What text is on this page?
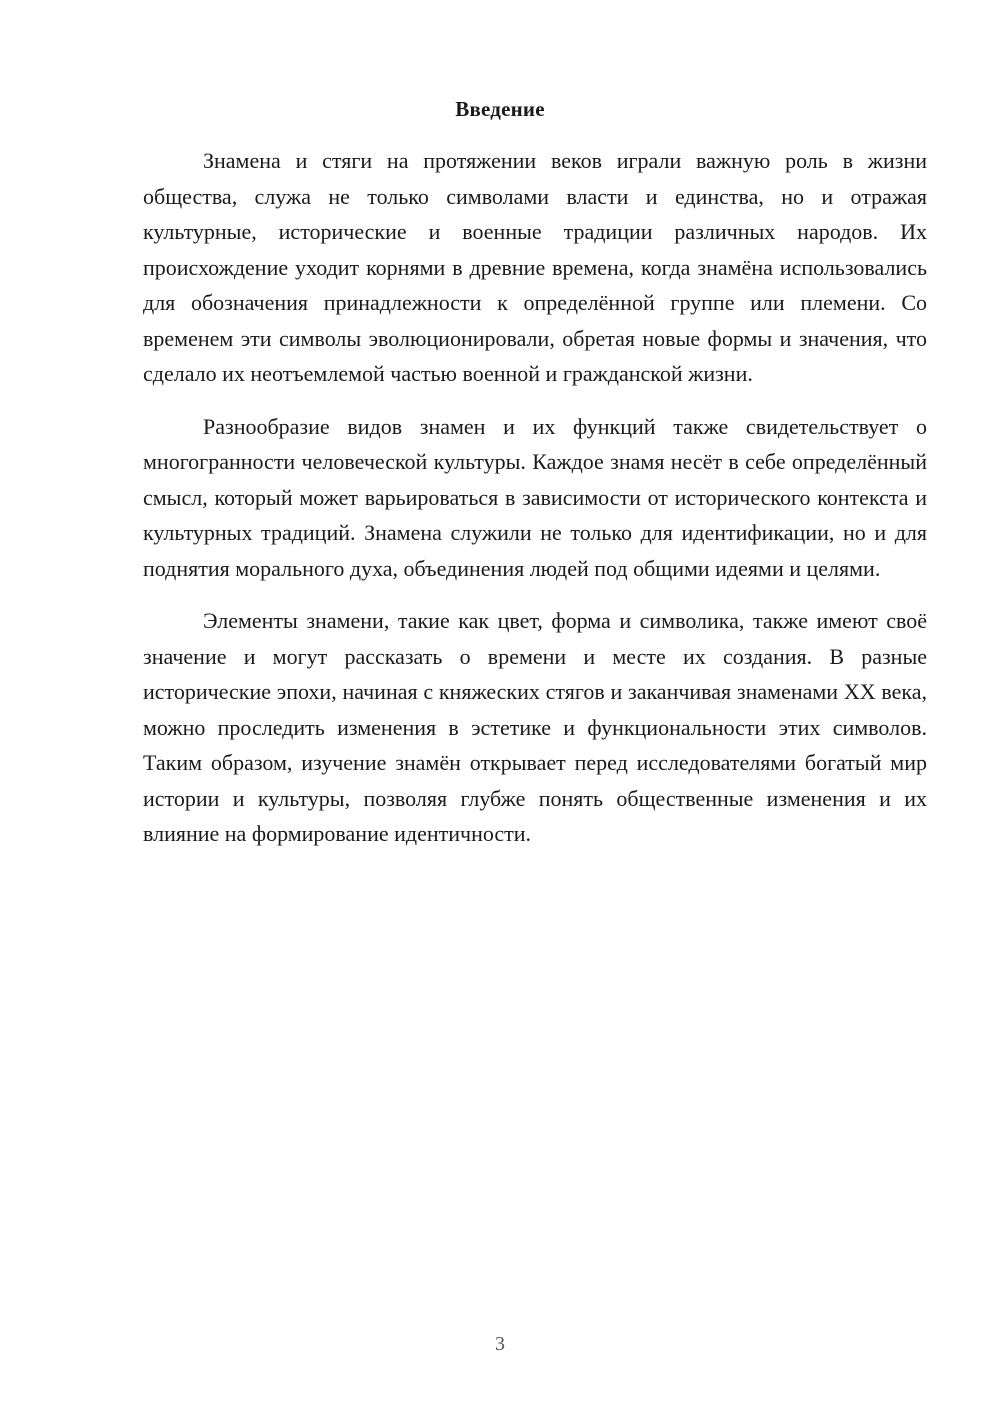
Введение

Знамена и стяги на протяжении веков играли важную роль в жизни общества, служа не только символами власти и единства, но и отражая культурные, исторические и военные традиции различных народов. Их происхождение уходит корнями в древние времена, когда знамёна использовались для обозначения принадлежности к определённой группе или племени. Со временем эти символы эволюционировали, обретая новые формы и значения, что сделало их неотъемлемой частью военной и гражданской жизни.

Разнообразие видов знамен и их функций также свидетельствует о многогранности человеческой культуры. Каждое знамя несёт в себе определённый смысл, который может варьироваться в зависимости от исторического контекста и культурных традиций. Знамена служили не только для идентификации, но и для поднятия морального духа, объединения людей под общими идеями и целями.

Элементы знамени, такие как цвет, форма и символика, также имеют своё значение и могут рассказать о времени и месте их создания. В разные исторические эпохи, начиная с княжеских стягов и заканчивая знаменами XX века, можно проследить изменения в эстетике и функциональности этих символов. Таким образом, изучение знамён открывает перед исследователями богатый мир истории и культуры, позволяя глубже понять общественные изменения и их влияние на формирование идентичности.

3
